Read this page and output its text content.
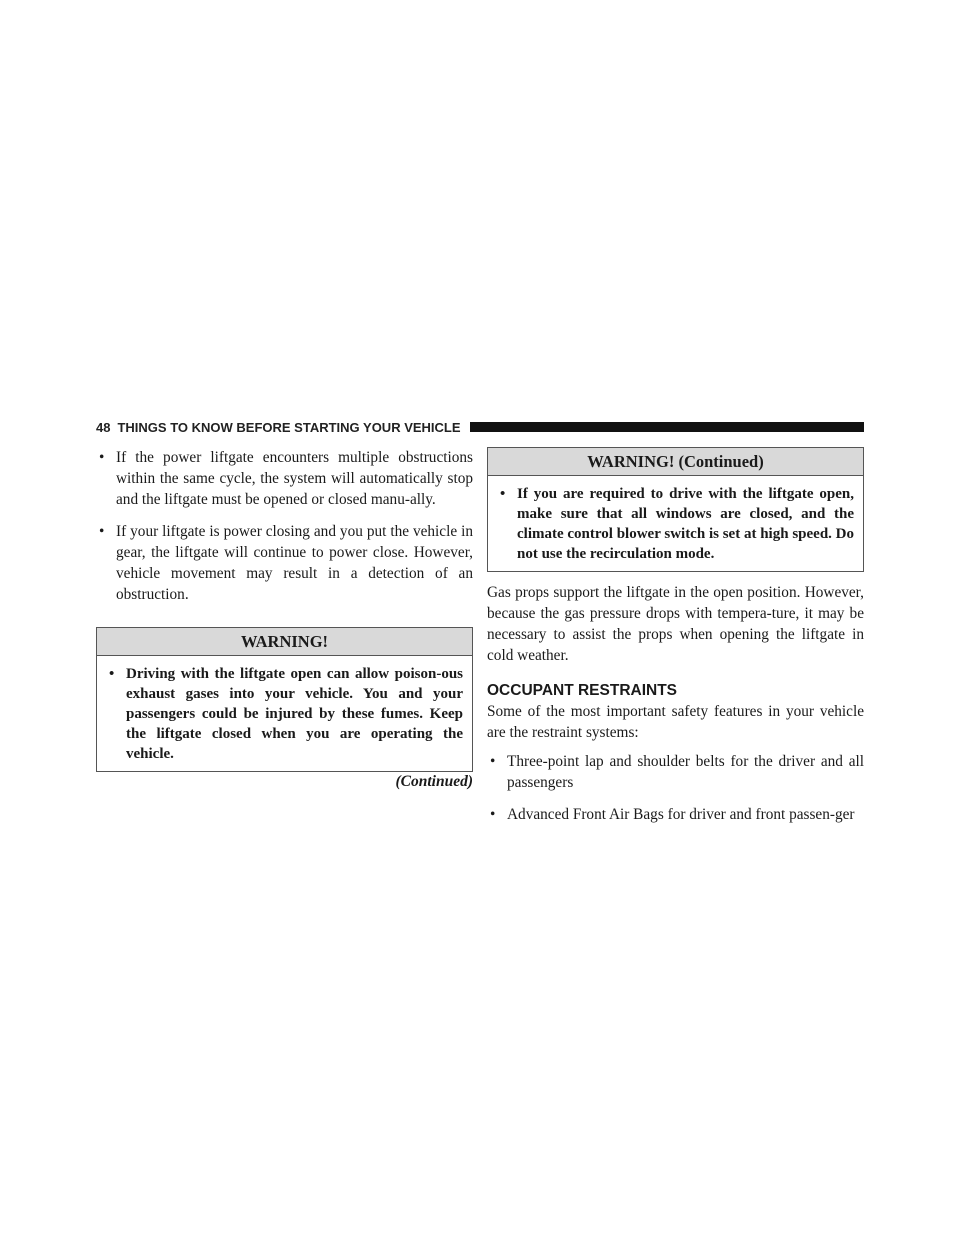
48 THINGS TO KNOW BEFORE STARTING YOUR VEHICLE

• If the power liftgate encounters multiple obstructions within the same cycle, the system will automatically stop and the liftgate must be opened or closed manu-ally.

• If your liftgate is power closing and you put the vehicle in gear, the liftgate will continue to power close. However, vehicle movement may result in a detection of an obstruction.

WARNING!

• Driving with the liftgate open can allow poison-ous exhaust gases into your vehicle. You and your passengers could be injured by these fumes. Keep the liftgate closed when you are operating the vehicle.

(Continued)
WARNING! (Continued)

• If you are required to drive with the liftgate open, make sure that all windows are closed, and the climate control blower switch is set at high speed. Do not use the recirculation mode.

Gas props support the liftgate in the open position. However, because the gas pressure drops with tempera-ture, it may be necessary to assist the props when opening the liftgate in cold weather.

OCCUPANT RESTRAINTS

Some of the most important safety features in your vehicle are the restraint systems:

• Three-point lap and shoulder belts for the driver and all passengers

• Advanced Front Air Bags for driver and front passen-ger
